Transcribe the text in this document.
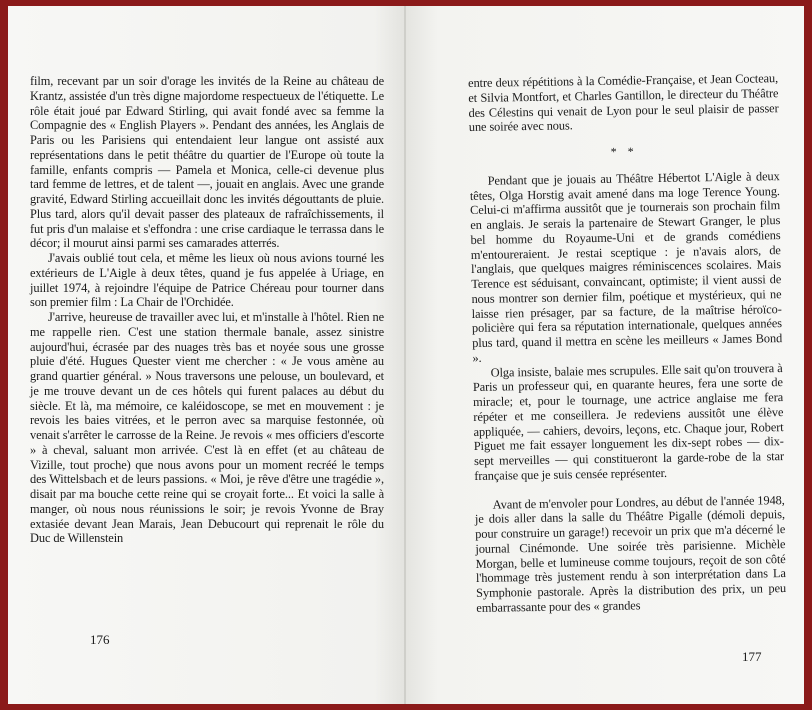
film, recevant par un soir d'orage les invités de la Reine au château de Krantz, assistée d'un très digne majordome respectueux de l'étiquette. Le rôle était joué par Edward Stirling, qui avait fondé avec sa femme la Compagnie des « English Players ». Pendant des années, les Anglais de Paris ou les Parisiens qui entendaient leur langue ont assisté aux représentations dans le petit théâtre du quartier de l'Europe où toute la famille, enfants compris — Pamela et Monica, celle-ci devenue plus tard femme de lettres, et de talent —, jouait en anglais. Avec une grande gravité, Edward Stirling accueillait donc les invités dégouttants de pluie. Plus tard, alors qu'il devait passer des plateaux de rafraîchissements, il fut pris d'un malaise et s'effondra : une crise cardiaque le terrassa dans le décor; il mourut ainsi parmi ses camarades atterrés.

J'avais oublié tout cela, et même les lieux où nous avions tourné les extérieurs de L'Aigle à deux têtes, quand je fus appelée à Uriage, en juillet 1974, à rejoindre l'équipe de Patrice Chéreau pour tourner dans son premier film : La Chair de l'Orchidée.

J'arrive, heureuse de travailler avec lui, et m'installe à l'hôtel. Rien ne me rappelle rien. C'est une station thermale banale, assez sinistre aujourd'hui, écrasée par des nuages très bas et noyée sous une grosse pluie d'été. Hugues Quester vient me chercher : « Je vous amène au grand quartier général. » Nous traversons une pelouse, un boulevard, et je me trouve devant un de ces hôtels qui furent palaces au début du siècle. Et là, ma mémoire, ce kaléidoscope, se met en mouvement : je revois les baies vitrées, et le perron avec sa marquise festonnée, où venait s'arrêter le carrosse de la Reine. Je revois « mes officiers d'escorte » à cheval, saluant mon arrivée. C'est là en effet (et au château de Vizille, tout proche) que nous avons pour un moment recréé le temps des Wittelsbach et de leurs passions. « Moi, je rêve d'être une tragédie », disait par ma bouche cette reine qui se croyait forte... Et voici la salle à manger, où nous nous réunissions le soir; je revois Yvonne de Bray extasiée devant Jean Marais, Jean Debucourt qui reprenait le rôle du Duc de Willenstein

176

entre deux répétitions à la Comédie-Française, et Jean Cocteau, et Silvia Montfort, et Charles Gantillon, le directeur du Théâtre des Célestins qui venait de Lyon pour le seul plaisir de passer une soirée avec nous.

* *

Pendant que je jouais au Théâtre Hébertot L'Aigle à deux têtes, Olga Horstig avait amené dans ma loge Terence Young. Celui-ci m'affirma aussitôt que je tournerais son prochain film en anglais. Je serais la partenaire de Stewart Granger, le plus bel homme du Royaume-Uni et de grands comédiens m'entoureraient. Je restai sceptique : je n'avais alors, de l'anglais, que quelques maigres réminiscences scolaires. Mais Terence est séduisant, convaincant, optimiste; il vient aussi de nous montrer son dernier film, poétique et mystérieux, qui ne laisse rien présager, par sa facture, de la maîtrise héroïco-policière qui fera sa réputation internationale, quelques années plus tard, quand il mettra en scène les meilleurs « James Bond ».

Olga insiste, balaie mes scrupules. Elle sait qu'on trouvera à Paris un professeur qui, en quarante heures, fera une sorte de miracle; et, pour le tournage, une actrice anglaise me fera répéter et me conseillera. Je redeviens aussitôt une élève appliquée, — cahiers, devoirs, leçons, etc. Chaque jour, Robert Piguet me fait essayer longuement les dix-sept robes — dix-sept merveilles — qui constitueront la garde-robe de la star française que je suis censée représenter.

Avant de m'envoler pour Londres, au début de l'année 1948, je dois aller dans la salle du Théâtre Pigalle (démoli depuis, pour construire un garage!) recevoir un prix que m'a décerné le journal Cinémonde. Une soirée très parisienne. Michèle Morgan, belle et lumineuse comme toujours, reçoit de son côté l'hommage très justement rendu à son interprétation dans La Symphonie pastorale. Après la distribution des prix, un peu embarrassante pour des « grandes

177
